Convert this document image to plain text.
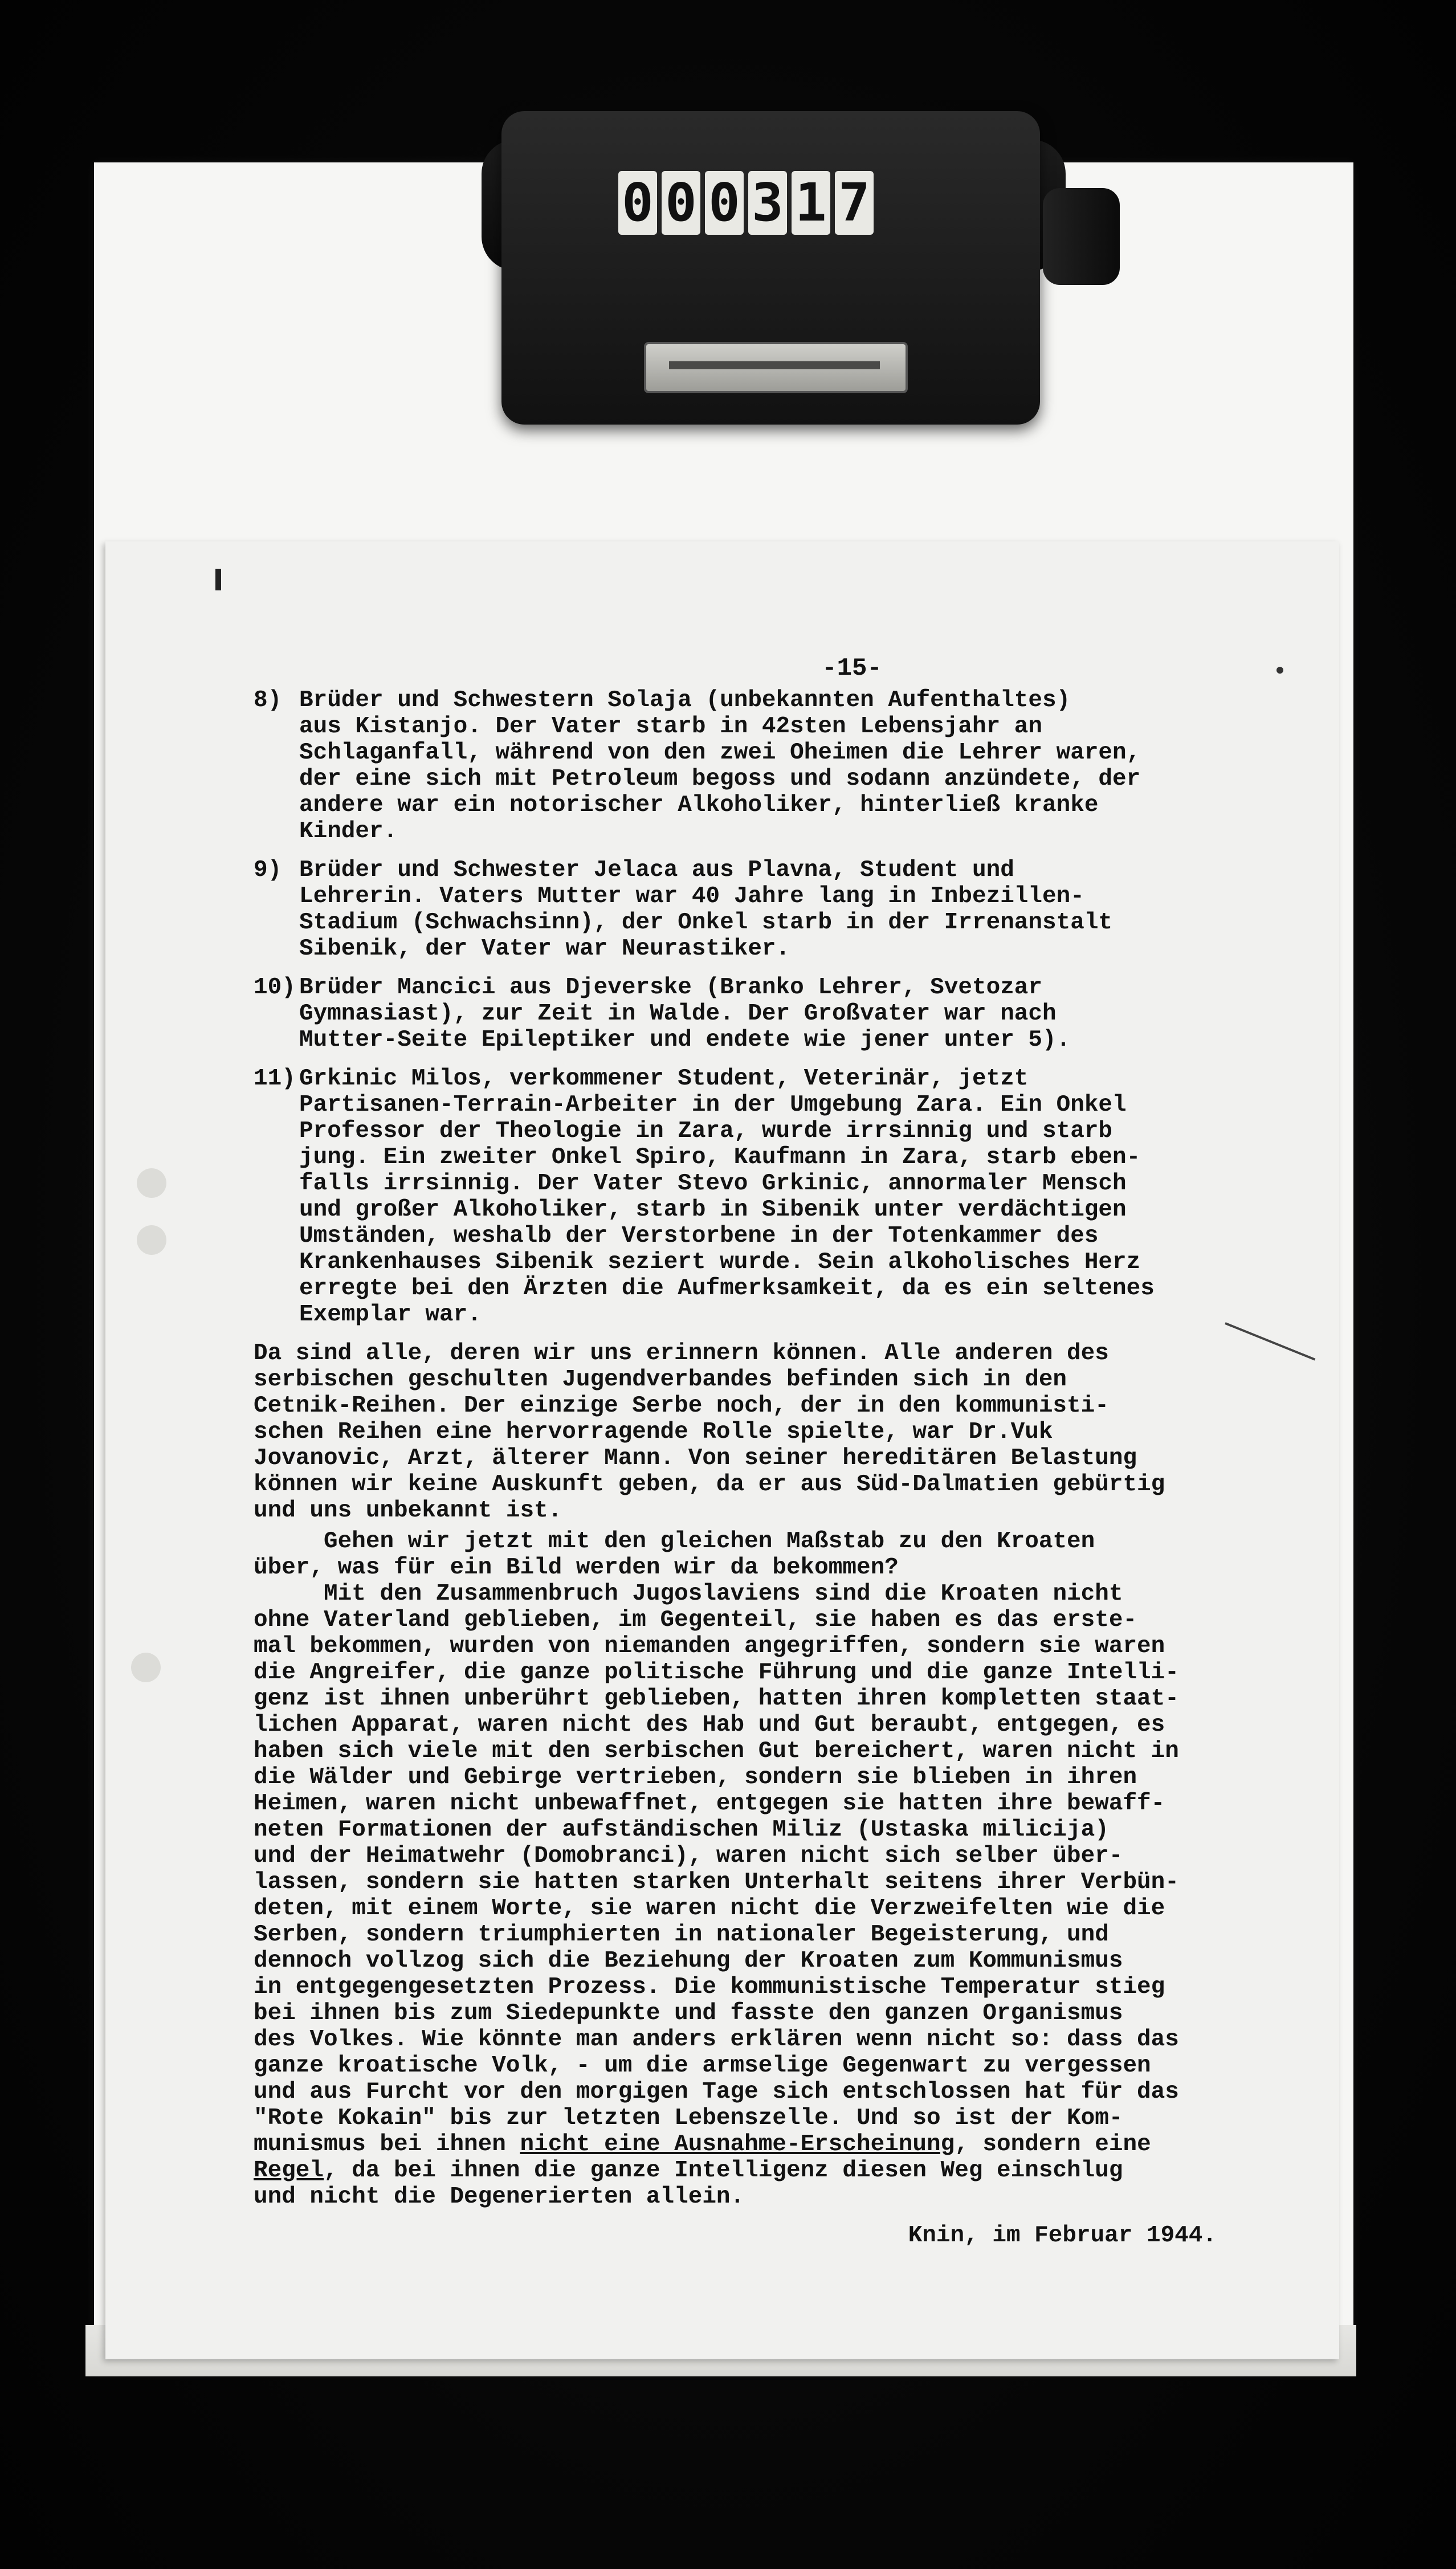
0 0 0 3 1 7
-15-
8) Brüder und Schwestern Solaja (unbekannten Aufenthaltes)
aus Kistanjo. Der Vater starb in 42sten Lebensjahr an
Schlaganfall, während von den zwei Oheimen die Lehrer waren,
der eine sich mit Petroleum begoss und sodann anzündete, der
andere war ein notorischer Alkoholiker, hinterließ kranke
Kinder.
9) Brüder und Schwester Jelaca aus Plavna, Student und
Lehrerin. Vaters Mutter war 40 Jahre lang in Inbezillen-
Stadium (Schwachsinn), der Onkel starb in der Irrenanstalt
Sibenik, der Vater war Neurastiker.
10) Brüder Mancici aus Djeverske (Branko Lehrer, Svetozar
Gymnasiast), zur Zeit in Walde. Der Großvater war nach
Mutter-Seite Epileptiker und endete wie jener unter 5).
11) Grkinic Milos, verkommener Student, Veterinär, jetzt
Partisanen-Terrain-Arbeiter in der Umgebung Zara. Ein Onkel
Professor der Theologie in Zara, wurde irrsinnig und starb
jung. Ein zweiter Onkel Spiro, Kaufmann in Zara, starb eben-
falls irrsinnig. Der Vater Stevo Grkinic, annormaler Mensch
und großer Alkoholiker, starb in Sibenik unter verdächtigen
Umständen, weshalb der Verstorbene in der Totenkammer des
Krankenhauses Sibenik seziert wurde. Sein alkoholisches Herz
erregte bei den Ärzten die Aufmerksamkeit, da es ein seltenes
Exemplar war.
Da sind alle, deren wir uns erinnern können. Alle anderen des
serbischen geschulten Jugendverbandes befinden sich in den
Cetnik-Reihen. Der einzige Serbe noch, der in den kommunisti-
schen Reihen eine hervorragende Rolle spielte, war Dr.Vuk
Jovanovic, Arzt, älterer Mann. Von seiner hereditären Belastung
können wir keine Auskunft geben, da er aus Süd-Dalmatien gebürtig
und uns unbekannt ist.
Gehen wir jetzt mit den gleichen Maßstab zu den Kroaten
über, was für ein Bild werden wir da bekommen?
Mit den Zusammenbruch Jugoslaviens sind die Kroaten nicht
ohne Vaterland geblieben, im Gegenteil, sie haben es das erste-
mal bekommen, wurden von niemanden angegriffen, sondern sie waren
die Angreifer, die ganze politische Führung und die ganze Intelli-
genz ist ihnen unberührt geblieben, hatten ihren kompletten staat-
lichen Apparat, waren nicht des Hab und Gut beraubt, entgegen, es
haben sich viele mit den serbischen Gut bereichert, waren nicht in
die Wälder und Gebirge vertrieben, sondern sie blieben in ihren
Heimen, waren nicht unbewaffnet, entgegen sie hatten ihre bewaff-
neten Formationen der aufständischen Miliz (Ustaska milicija)
und der Heimatwehr (Domobranci), waren nicht sich selber über-
lassen, sondern sie hatten starken Unterhalt seitens ihrer Verbün-
deten, mit einem Worte, sie waren nicht die Verzweifelten wie die
Serben, sondern triumphierten in nationaler Begeisterung, und
dennoch vollzog sich die Beziehung der Kroaten zum Kommunismus
in entgegengesetzten Prozess. Die kommunistische Temperatur stieg
bei ihnen bis zum Siedepunkte und fasste den ganzen Organismus
des Volkes. Wie könnte man anders erklären wenn nicht so: dass das
ganze kroatische Volk, - um die armselige Gegenwart zu vergessen
und aus Furcht vor den morgigen Tage sich entschlossen hat für das
"Rote Kokain" bis zur letzten Lebenszelle. Und so ist der Kom-
munismus bei ihnen nicht eine Ausnahme-Erscheinung, sondern eine
Regel, da bei ihnen die ganze Intelligenz diesen Weg einschlug
und nicht die Degenerierten allein.
Knin, im Februar 1944.
